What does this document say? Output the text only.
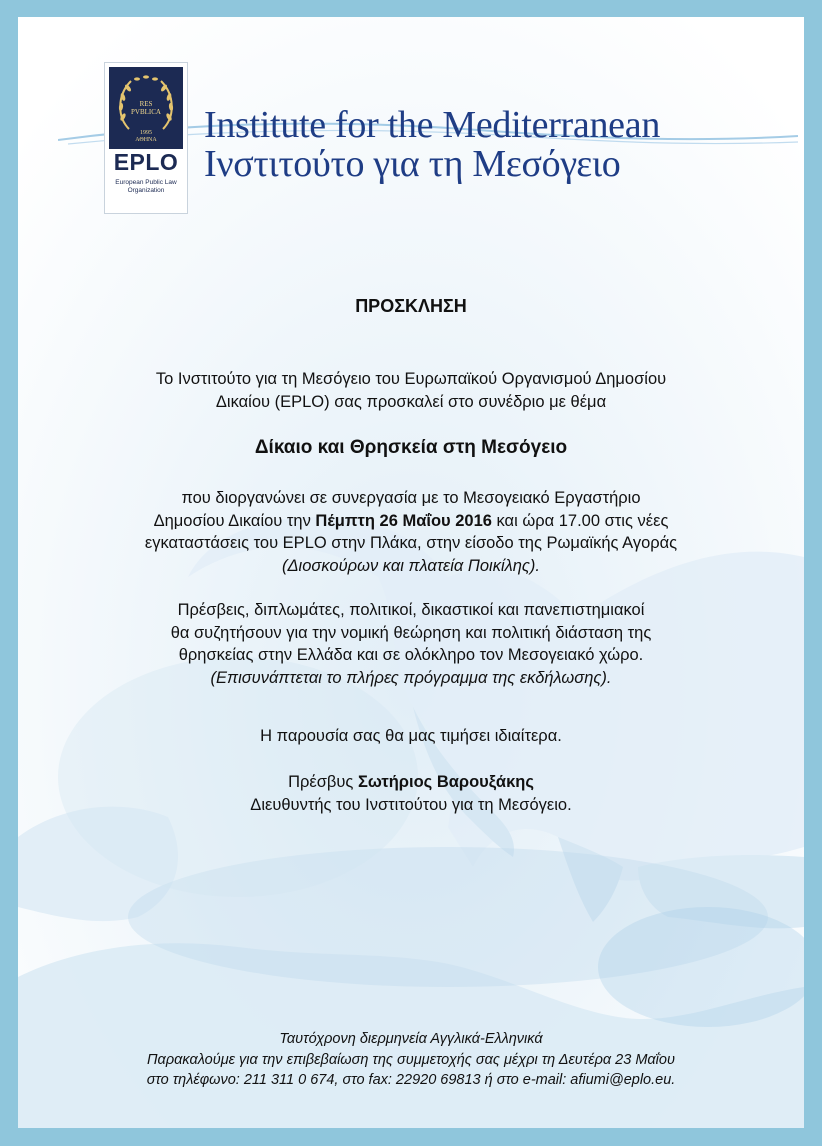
RES
PVBLICA
1995
ΑΘΗΝΑ
EPLO
European Public Law
Organization
Institute for the Mediterranean
Ινστιτούτο για τη Μεσόγειο
ΠΡΟΣΚΛΗΣΗ
Το Ινστιτούτο για τη Μεσόγειο του Ευρωπαϊκού Οργανισμού Δημοσίου
Δικαίου (EPLO) σας προσκαλεί στο συνέδριο με θέμα
Δίκαιο και Θρησκεία στη Μεσόγειο
που διοργανώνει σε συνεργασία με το Μεσογειακό Εργαστήριο
Δημοσίου Δικαίου την Πέμπτη 26 Μαΐου 2016 και ώρα 17.00 στις νέες
εγκαταστάσεις του EPLO στην Πλάκα, στην είσοδο της Ρωμαϊκής Αγοράς
(Διοσκούρων και πλατεία Ποικίλης).
Πρέσβεις, διπλωμάτες, πολιτικοί, δικαστικοί και πανεπιστημιακοί
θα συζητήσουν για την νομική θεώρηση και πολιτική διάσταση της
θρησκείας στην Ελλάδα και σε ολόκληρο τον Μεσογειακό χώρο.
(Επισυνάπτεται το πλήρες πρόγραμμα της εκδήλωσης).
Η παρουσία σας θα μας τιμήσει ιδιαίτερα.
Πρέσβυς Σωτήριος Βαρουξάκης
Διευθυντής του Ινστιτούτου για τη Μεσόγειο.
Ταυτόχρονη διερμηνεία Αγγλικά-Ελληνικά
Παρακαλούμε για την επιβεβαίωση της συμμετοχής σας μέχρι τη Δευτέρα 23 Μαΐου
στο τηλέφωνο: 211 311 0 674, στο fax: 22920 69813 ή στο e-mail: afiumi@eplo.eu.
